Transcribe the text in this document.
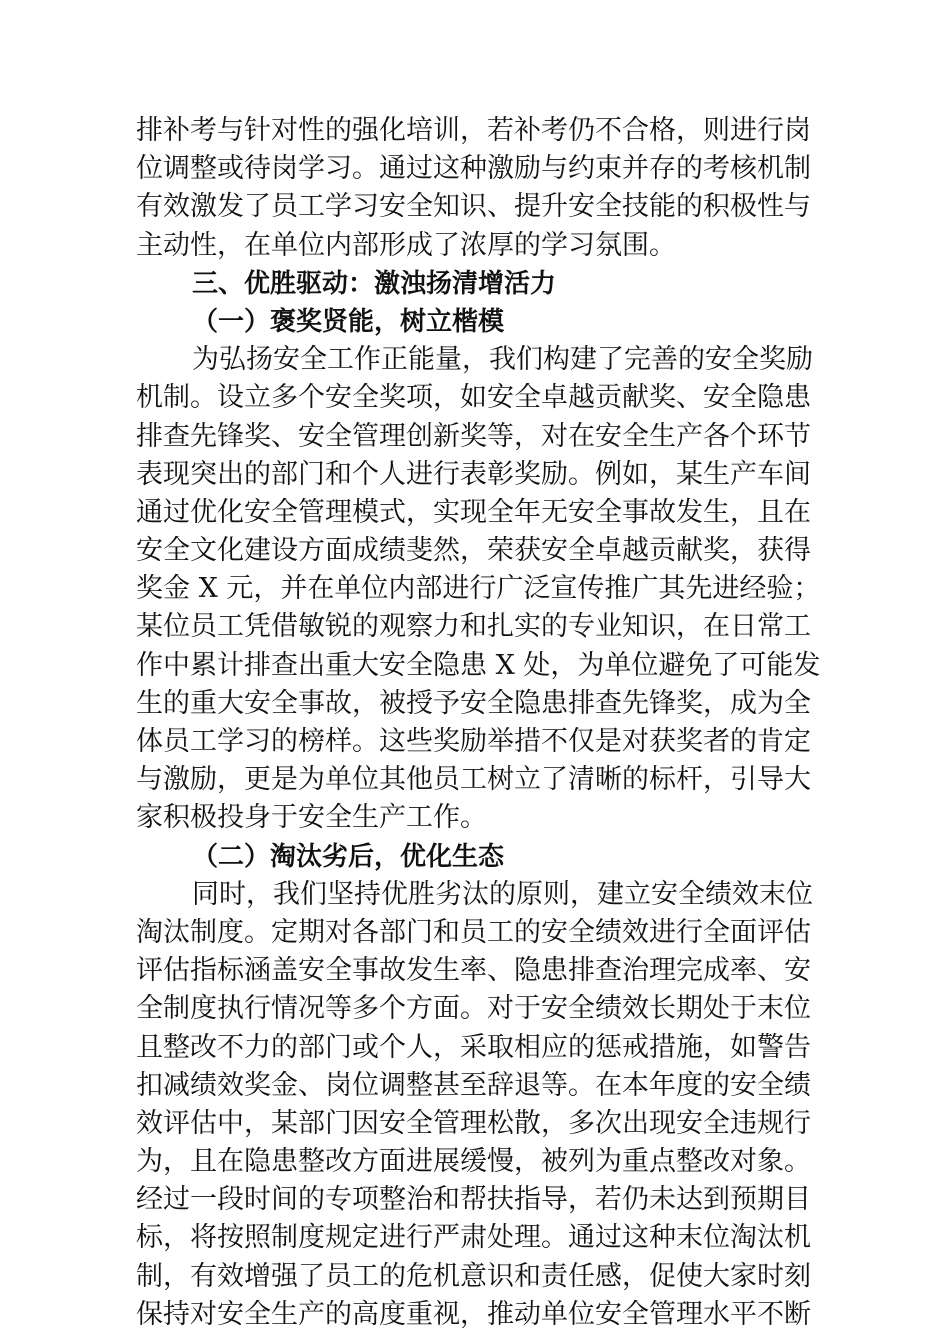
排补考与针对性的强化培训，若补考仍不合格，则进行岗
位调整或待岗学习。通过这种激励与约束并存的考核机制
有效激发了员工学习安全知识、提升安全技能的积极性与
主动性，在单位内部形成了浓厚的学习氛围。
三、优胜驱动：激浊扬清增活力
（一）褒奖贤能，树立楷模
为弘扬安全工作正能量，我们构建了完善的安全奖励
机制。设立多个安全奖项，如安全卓越贡献奖、安全隐患
排查先锋奖、安全管理创新奖等，对在安全生产各个环节
表现突出的部门和个人进行表彰奖励。例如，某生产车间
通过优化安全管理模式，实现全年无安全事故发生，且在
安全文化建设方面成绩斐然，荣获安全卓越贡献奖，获得
奖金 X 元，并在单位内部进行广泛宣传推广其先进经验；
某位员工凭借敏锐的观察力和扎实的专业知识，在日常工
作中累计排查出重大安全隐患 X 处，为单位避免了可能发
生的重大安全事故，被授予安全隐患排查先锋奖，成为全
体员工学习的榜样。这些奖励举措不仅是对获奖者的肯定
与激励，更是为单位其他员工树立了清晰的标杆，引导大
家积极投身于安全生产工作。
（二）淘汰劣后，优化生态
同时，我们坚持优胜劣汰的原则，建立安全绩效末位
淘汰制度。定期对各部门和员工的安全绩效进行全面评估
评估指标涵盖安全事故发生率、隐患排查治理完成率、安
全制度执行情况等多个方面。对于安全绩效长期处于末位
且整改不力的部门或个人，采取相应的惩戒措施，如警告
扣减绩效奖金、岗位调整甚至辞退等。在本年度的安全绩
效评估中，某部门因安全管理松散，多次出现安全违规行
为，且在隐患整改方面进展缓慢，被列为重点整改对象。
经过一段时间的专项整治和帮扶指导，若仍未达到预期目
标，将按照制度规定进行严肃处理。通过这种末位淘汰机
制，有效增强了员工的危机意识和责任感，促使大家时刻
保持对安全生产的高度重视，推动单位安全管理水平不断
